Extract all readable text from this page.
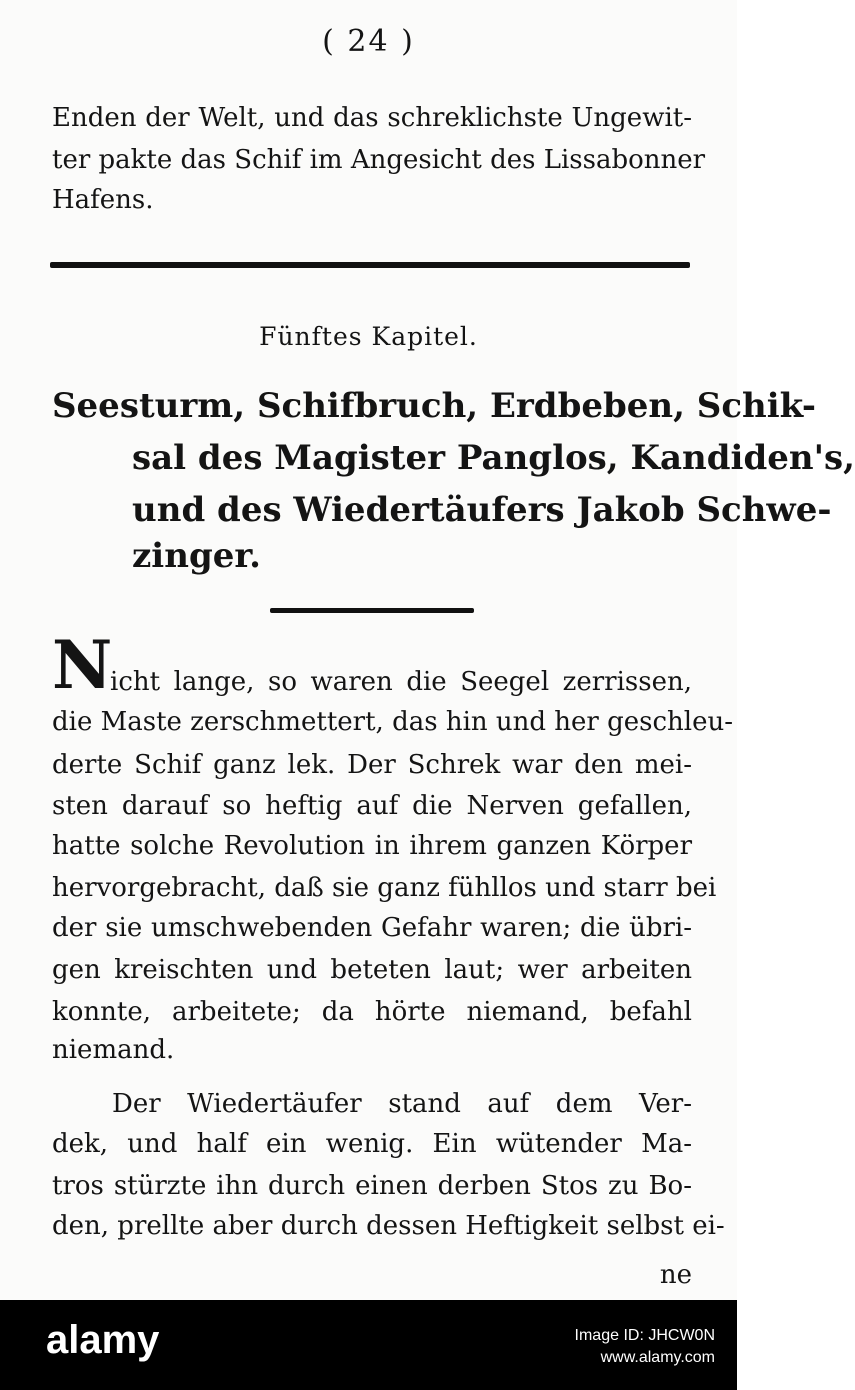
( 24 )
Enden der Welt, und das schreklichste Ungewit-
ter pakte das Schif im Angesicht des Lissabonner
Hafens.
Fünftes Kapitel.
Seesturm, Schifbruch, Erdbeben, Schik-
sal des Magister Panglos, Kandiden's,
und des Wiedertäufers Jakob Schwe-
zinger.
N
icht lange, so waren die Seegel zerrissen,
die Maste zerschmettert, das hin und her geschleu-
derte Schif ganz lek. Der Schrek war den mei-
sten darauf so heftig auf die Nerven gefallen,
hatte solche Revolution in ihrem ganzen Körper
hervorgebracht, daß sie ganz fühllos und starr bei
der sie umschwebenden Gefahr waren; die übri-
gen kreischten und beteten laut; wer arbeiten
konnte, arbeitete; da hörte niemand, befahl
niemand.
Der Wiedertäufer stand auf dem Ver-
dek, und half ein wenig. Ein wütender Ma-
tros stürzte ihn durch einen derben Stos zu Bo-
den, prellte aber durch dessen Heftigkeit selbst ei-
ne
alamy	Image ID: JHCW0N
www.alamy.com
